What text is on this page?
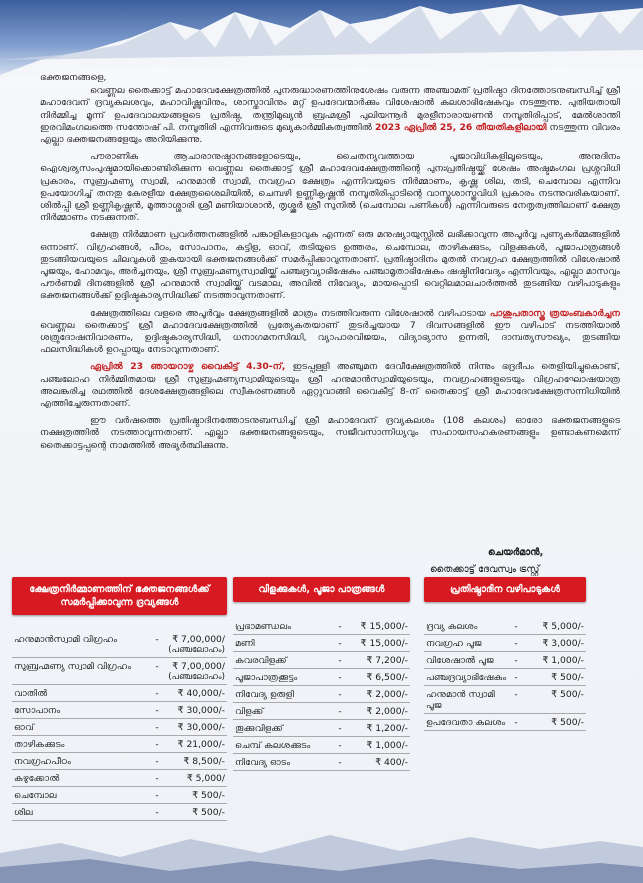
ഭക്തജനങ്ങളെ,

വെണ്ണല തൈക്കാട്ട് മഹാദേവക്ഷേത്രത്തിൽ പുനരുദ്ധാരണത്തിനുശേഷം വരുന്ന അഞ്ചാമത് പ്രതിഷ്ഠാ ദിനത്തോടനുബന്ധിച്ച് ശ്രീ മഹാദേവന് ദ്രവ്യകലശവും, മഹാവിഷ്ണുവിനും, ശാസ്താവിനും മറ്റ് ഉപദേവന്മാർക്കും വിശേഷാൽ കലശാഭിഷേകവും നടത്തുന്നു. പുതിയതായി നിർമ്മിച്ച മൂന്ന് ഉപദേവാലയങ്ങളുടെ പ്രതിഷ്ഠ, തന്ത്രിമുഖ്യൻ ബ്രഹ്മശ്രീ പുലിയന്നൂർ മുരളീനാരായണൻ നമ്പൂതിരിപ്പാട്, മേൽശാന്തി ഇരവിമംഗലത്തെ സന്തോഷ് പി. നമ്പൂതിരി എന്നിവരുടെ മുഖ്യകാർമ്മികത്വത്തിൽ 2023 ഏപ്രിൽ 25, 26 തീയതികളിലായി നടത്തുന്ന വിവരം എല്ലാ ഭക്തജനങ്ങളേയും അറിയിക്കുന്നു.

പൗരാണിക ആചാരാനുഷ്ഠാനങ്ങളോടെയും, ചൈതന്യവത്തായ പൂജാവിധികളിലൂടെയും, അനുദിനം ഐശ്വര്യസംപുഷ്ടമായിക്കൊണ്ടിരിക്കുന്ന വെണ്ണല തൈക്കാട്ട് ശ്രീ മഹാദേവക്ഷേത്രത്തിന്റെ പുനഃപ്രതിഷ്ഠയ്ക്ക് ശേഷം അഷ്ടമംഗല പ്രശ്നവിധി പ്രകാരം, സുബ്രഹ്മണ്യ സ്വാമി, ഹനുമാൻ സ്വാമി, നവഗ്രഹ ക്ഷേത്രം എന്നിവയുടെ നിർമ്മാണം, കൃഷ്ണ ശില, തടി, ചെമ്പോല എന്നിവ ഉപയോഗിച്ച് തനതു കേരളീയ ക്ഷേത്രശൈലിയിൽ, ചെമ്പഴി ഉണ്ണികൃഷ്ണൻ നമ്പൂതിരിപ്പാടിന്റെ വാസ്തുശാസ്ത്രവിധി പ്രകാരം നടന്നുവരികയാണ്. ശിൽപ്പി ശ്രീ ഉണ്ണികൃഷ്ണൻ, മൂത്താശ്ശാരി ശ്രീ മണിയാശാൻ, തൃശ്ശൂർ ശ്രീ സുനിൽ (ചെമ്പോല പണികൾ) എന്നിവരുടെ നേതൃത്വത്തിലാണ് ക്ഷേത്ര നിർമ്മാണം നടക്കുന്നത്.

ക്ഷേത്ര നിർമ്മാണ പ്രവർത്തനങ്ങളിൽ പങ്കാളികളാവുക എന്നത് ഒരു മനുഷ്യായുസ്സിൽ ലഭിക്കാവുന്ന അപൂർവ്വ പുണ്യകർമ്മങ്ങളിൽ ഒന്നാണ്. വിഗ്രഹങ്ങൾ, പീഠം, സോപാനം, കട്ടിള, ഓവ്, തടിയുടെ ഉത്തരം, ചെമ്പോല, താഴികക്കുടം, വിളക്കുകൾ, പൂജാപാത്രങ്ങൾ തുടങ്ങിയവയുടെ ചിലവുകൾ തുകയായി ഭക്തജനങ്ങൾക്ക് സമർപ്പിക്കാവുന്നതാണ്. പ്രതിഷ്ഠാദിനം മുതൽ നവഗ്രഹ ക്ഷേത്രത്തിൽ വിശേഷാൽ പൂജയും, ഹോമവും, അർച്ചനയും, ശ്രീ സുബ്രഹ്മണ്യസ്വാമിയ്ക്ക് പഞ്ചദ്രവ്യാഭിഷേകം പഞ്ചാമൃതാഭിഷേകം ഷഷ്ഠിനിവേദ്യം എന്നിവയും, എല്ലാ മാസവും പൗർണമി ദിനങ്ങളിൽ ശ്രീ ഹനുമാൻ സ്വാമിയ്ക്ക് വടമാല, അവിൽ നിവേദ്യം, മായപ്പൊടി വെറ്റിലമാലചാർത്തൽ തുടങ്ങിയ വഴിപാടുകളും ഭക്തജനങ്ങൾക്ക് ഉദ്ദിഷ്ടകാര്യസിദ്ധിക്ക് നടത്താവുന്നതാണ്.

ക്ഷേത്രത്തിലെ വളരെ അപൂർവ്വം ക്ഷേത്രങ്ങളിൽ മാത്രം നടത്തിവരുന്ന വിശേഷാൽ വഴിപാടായ പാശുപതാസ്ത്ര ത്രയംബകാർച്ചന വെണ്ണല തൈക്കാട്ട് ശ്രീ മഹാദേവക്ഷേത്രത്തിൽ പ്രത്യേകതയാണ് തുടർച്ചയായ 7 ദിവസങ്ങളിൽ ഈ വഴിപാട് നടത്തിയാൽ ശത്രുദോഷനിവാരണം, ഉദ്ദിഷ്ടകാര്യസിദ്ധി, ധനാഗമനസിദ്ധി, വ്യാപാരവിജയം, വിദ്യാഭ്യാസ ഉന്നതി, ദാമ്പത്യസൗഖ്യം, തുടങ്ങിയ ഫലസിദ്ധികൾ ഉറപ്പായും നേടാവുന്നതാണ്.

ഏപ്രിൽ 23 ഞായറാഴ്ച വൈകിട്ട് 4.30-ന്, ഇടപ്പള്ളി അഞ്ചുമന ദേവീക്ഷേത്രത്തിൽ നിന്നും ഭദ്രദീപം തെളിയിച്ചുകൊണ്ട്, പഞ്ചലോഹ നിർമ്മിതമായ ശ്രീ സുബ്രഹ്മണ്യസ്വാമിയുടെയും ശ്രീ ഹനുമാൻസ്വാമിയുടെയും, നവഗ്രഹങ്ങളുടെയും വിഗ്രഹഘോഷയാത്ര അലങ്കരിച്ച രഥത്തിൽ ദേശക്ഷേത്രങ്ങളിലെ സ്വീകരണങ്ങൾ ഏറ്റുവാങ്ങി വൈകീട്ട് 8-ന് തൈക്കാട്ട് ശ്രീ മഹാദേവക്ഷേത്രസന്നിധിയിൽ എത്തിച്ചേരുന്നതാണ്.

ഈ വർഷത്തെ പ്രതിഷ്ഠാദിനത്തോടനുബന്ധിച്ച് ശ്രീ മഹാദേവന് ദ്രവ്യകലശം (108 കലശം) ഓരോ ഭക്തജനങ്ങളുടെ നക്ഷത്രത്തിൽ നടത്താവുന്നതാണ്. എല്ലാ ഭക്തജനങ്ങളുടെയും, സജീവസാന്നിധ്യവും സഹായസഹകരണങ്ങളും ഉണ്ടാകണമെന്ന് തൈക്കാട്ടപ്പന്റെ നാമത്തിൽ അഭ്യർത്ഥിക്കുന്നു.

ചെയർമാൻ,
തൈക്കാട്ട് ദേവസ്വം ട്രസ്റ്റ്
ക്ഷേത്രനിർമ്മാണത്തിന് ഭക്തജനങ്ങൾക്ക് സമർപ്പിക്കാവുന്ന ദ്രവ്യങ്ങൾ
ഹനുമാൻസ്വാമി വിഗ്രഹം	-	₹ 7,00,000/
(പഞ്ചലോഹം)
സുബ്രഹ്മണ്യ സ്വാമി വിഗ്രഹം	-	₹ 7,00,000/
(പഞ്ചലോഹം)
വാതിൽ	-	₹ 40,000/-
സോപാനം	-	₹ 30,000/-
ഓവ്	-	₹ 30,000/-
താഴികക്കുടം	-	₹ 21,000/-
നവഗ്രഹപീഠം	-	₹ 8,500/-
കഴുക്കോൽ	-	₹ 5,000/
ചെമ്പോല	-	₹ 500/-
ശില	-	₹ 500/-
വിളക്കുകൾ, പൂജാ പാത്രങ്ങൾ
പ്രഭാമണ്ഡലം	-	₹ 15,000/-
മണി	-	₹ 15,000/-
കവരവിളക്ക്	-	₹ 7,200/-
പൂജാപാത്രക്കൂട്ടം	-	₹ 6,500/-
നിവേദ്യ ഉരുളി	-	₹ 2,000/-
വിളക്ക്	-	₹ 2,000/-
തൂക്കുവിളക്ക്	-	₹ 1,200/-
ചെമ്പ് കലശക്കുടം	-	₹ 1,000/-
നിവേദ്യ ഓടം	-	₹ 400/-
പ്രതിഷ്ഠാദിന വഴിപാടുകൾ
ദ്രവ്യ കലശം	-	₹ 5,000/-
നവഗ്രഹ പൂജ	-	₹ 3,000/-
വിശേഷാൽ പൂജ	-	₹ 1,000/-
പഞ്ചദ്രവ്യാഭിഷേകം -	₹ 500/-
ഹനുമാൻ സ്വാമി പൂജ
-	₹ 500/-
ഉപദേവതാ കലശം -	₹ 500/-
